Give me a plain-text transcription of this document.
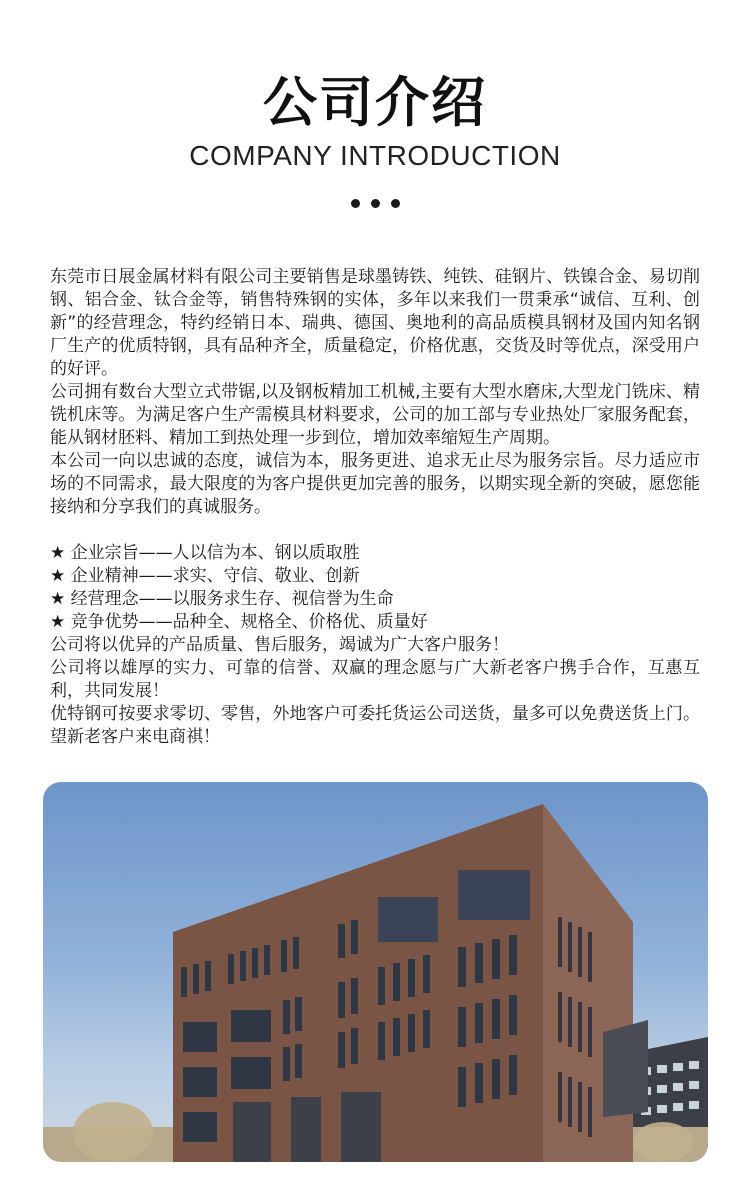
公司介绍
COMPANY INTRODUCTION

东莞市日展金属材料有限公司主要销售是球墨铸铁、纯铁、硅钢片、铁镍合金、易切削钢、铝合金、钛合金等，销售特殊钢的实体，多年以来我们一贯秉承“诚信、互利、创新”的经营理念，特约经销日本、瑞典、德国、奥地利的高品质模具钢材及国内知名钢厂生产的优质特钢，具有品种齐全，质量稳定，价格优惠，交货及时等优点，深受用户的好评。

公司拥有数台大型立式带锯,以及钢板精加工机械,主要有大型水磨床,大型龙门铣床、精铣机床等。为满足客户生产需模具材料要求，公司的加工部与专业热处厂家服务配套，能从钢材胚料、精加工到热处理一步到位，增加效率缩短生产周期。

本公司一向以忠诚的态度，诚信为本，服务更进、追求无止尽为服务宗旨。尽力适应市场的不同需求，最大限度的为客户提供更加完善的服务，以期实现全新的突破，愿您能接纳和分享我们的真诚服务。

★ 企业宗旨——人以信为本、钢以质取胜

★ 企业精神——求实、守信、敬业、创新

★ 经营理念——以服务求生存、视信誉为生命

★ 竞争优势——品种全、规格全、价格优、质量好

公司将以优异的产品质量、售后服务，竭诚为广大客户服务！

公司将以雄厚的实力、可靠的信誉、双赢的理念愿与广大新老客户携手合作，互惠互利，共同发展！

优特钢可按要求零切、零售，外地客户可委托货运公司送货，量多可以免费送货上门。望新老客户来电商祺！
